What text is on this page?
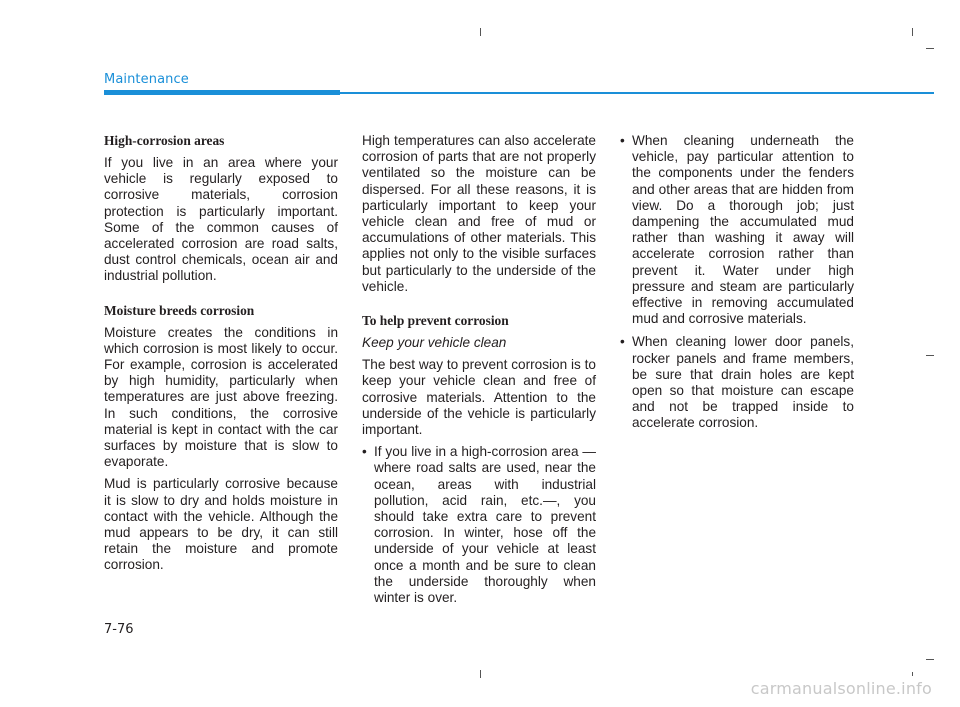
Maintenance
High-corrosion areas

If you live in an area where your vehicle is regularly exposed to corrosive materials, corrosion protection is particularly important. Some of the common causes of accelerated corrosion are road salts, dust control chemicals, ocean air and industrial pollution.

Moisture breeds corrosion

Moisture creates the conditions in which corrosion is most likely to occur. For example, corrosion is accelerated by high humidity, particularly when temperatures are just above freezing. In such conditions, the corrosive material is kept in contact with the car surfaces by moisture that is slow to evaporate.

Mud is particularly corrosive because it is slow to dry and holds moisture in contact with the vehicle. Although the mud appears to be dry, it can still retain the moisture and promote corrosion.

High temperatures can also accelerate corrosion of parts that are not properly ventilated so the moisture can be dispersed. For all these reasons, it is particularly important to keep your vehicle clean and free of mud or accumulations of other materials. This applies not only to the visible surfaces but particularly to the underside of the vehicle.

To help prevent corrosion
Keep your vehicle clean

The best way to prevent corrosion is to keep your vehicle clean and free of corrosive materials. Attention to the underside of the vehicle is particularly important.

• If you live in a high-corrosion area — where road salts are used, near the ocean, areas with industrial pollution, acid rain, etc.—, you should take extra care to prevent corrosion. In winter, hose off the underside of your vehicle at least once a month and be sure to clean the underside thoroughly when winter is over.
• When cleaning underneath the vehicle, pay particular attention to the components under the fenders and other areas that are hidden from view. Do a thorough job; just dampening the accumulated mud rather than washing it away will accelerate corrosion rather than prevent it. Water under high pressure and steam are particularly effective in removing accumulated mud and corrosive materials.
• When cleaning lower door panels, rocker panels and frame members, be sure that drain holes are kept open so that moisture can escape and not be trapped inside to accelerate corrosion.
7-76
carmanualsonline.info
